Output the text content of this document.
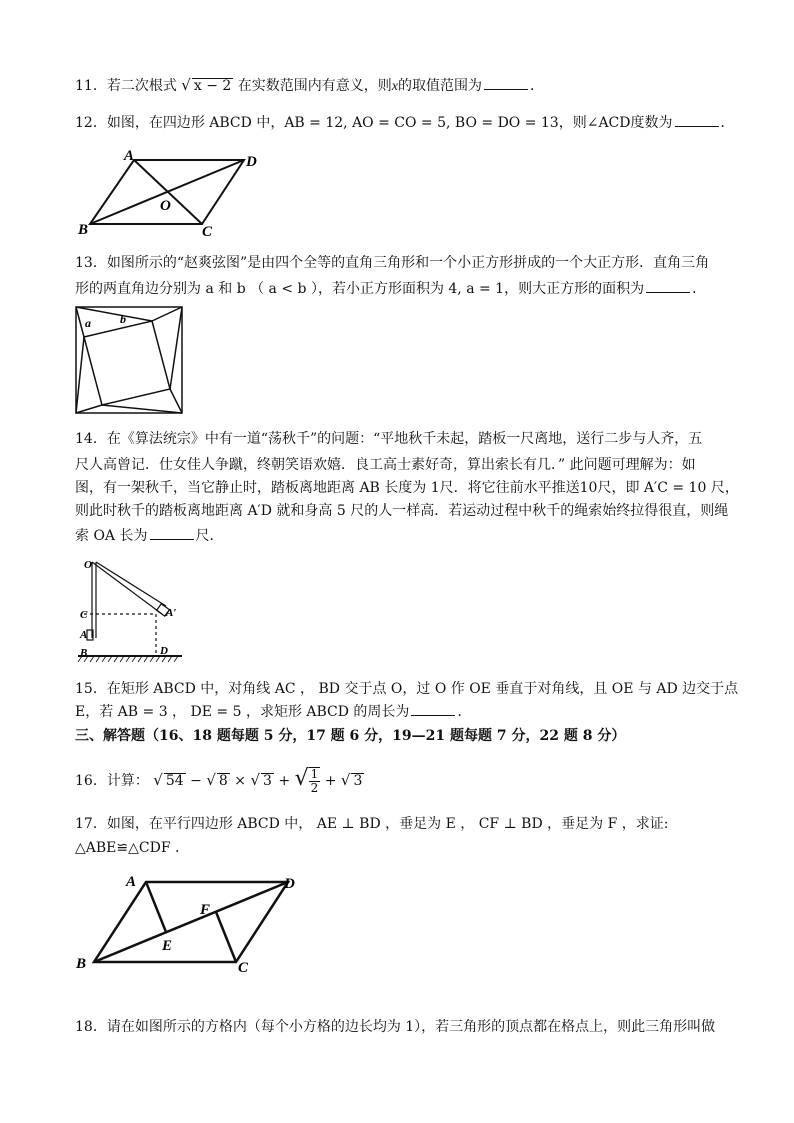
11．若二次根式 √ x − 2 在实数范围内有意义，则x的取值范围为	．
12．如图，在四边形 ABCD 中，AB = 12, AO = CO = 5, BO = DO = 13，则∠ACD度数为	．
A	D
B	C
O
13．如图所示的“赵爽弦图”是由四个全等的直角三角形和一个小正方形拼成的一个大正方形．直角三角
形的两直角边分别为 a 和 b （ a < b ），若小正方形面积为 4, a = 1，则大正方形的面积为	．
a b
14．在《算法统宗》中有一道“荡秋千”的问题：“平地秋千未起，踏板一尺离地，送行二步与人齐，五
尺人高曾记．仕女佳人争蹴，终朝笑语欢嬉．良工高士素好奇，算出索长有几．” 此问题可理解为：如
图，有一架秋千，当它静止时，踏板离地距离 AB 长度为 1尺．将它往前水平推送10尺，即 A′C = 10 尺，
则此时秋千的踏板离地距离 A′D 就和身高 5 尺的人一样高．若运动过程中秋千的绳索始终拉得很直，则绳
索 OA 长为	尺．
O
C
A
B
A′
D
15．在矩形 ABCD 中，对角线 AC ， BD 交于点 O，过 O 作 OE 垂直于对角线，且 OE 与 AD 边交于点
E，若 AB = 3 ， DE = 5 ，求矩形 ABCD 的周长为	．
三、解答题（16、18 题每题 5 分，17 题 6 分，19—21 题每题 7 分，22 题 8 分）
16．计算： √ 54 − √ 8 × √ 3 + √ $\frac{1}{2}$ + √ 3
17．如图，在平行四边形 ABCD 中， AE ⊥ BD ，垂足为 E ， CF ⊥ BD ，垂足为 F ，求证:
△ABE≌△CDF ．
A	D
B	C
E
F
18．请在如图所示的方格内（每个小方格的边长均为 1），若三角形的顶点都在格点上，则此三角形叫做
